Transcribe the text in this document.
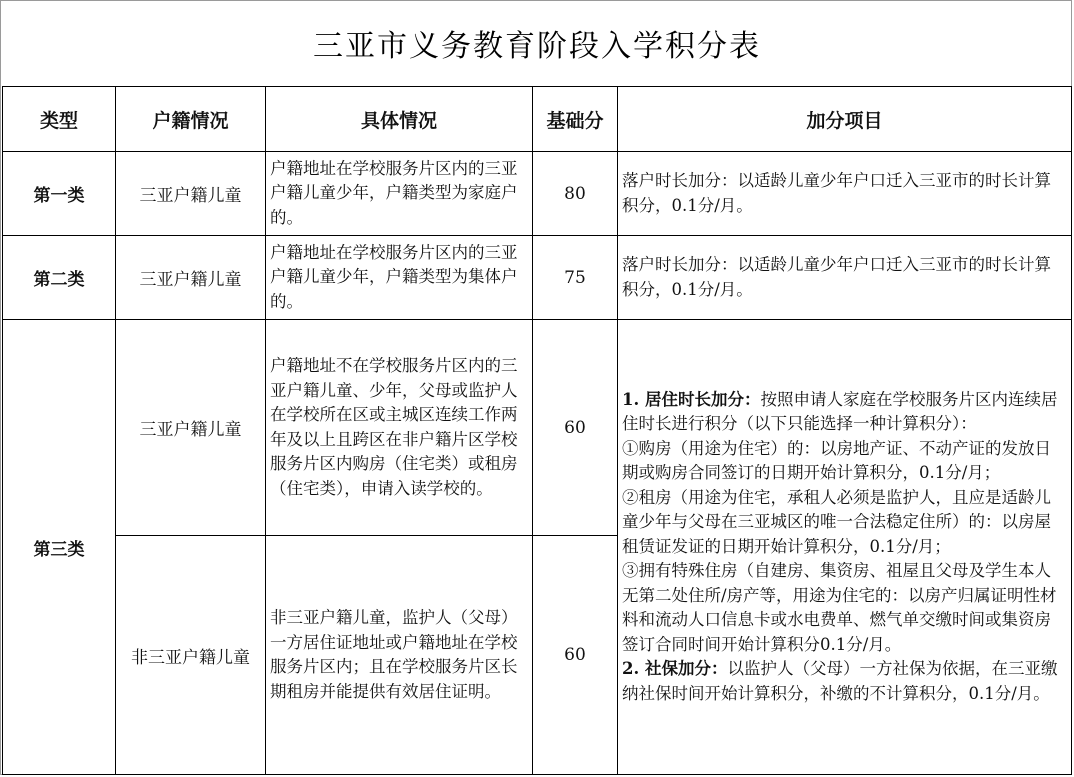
三亚市义务教育阶段入学积分表
类型	户籍情况	具体情况	基础分	加分项目
第一类	三亚户籍儿童	户籍地址在学校服务片区内的三亚户籍儿童少年，户籍类型为家庭户的。	80	落户时长加分：以适龄儿童少年户口迁入三亚市的时长计算积分，0.1分/月。
第二类	三亚户籍儿童	户籍地址在学校服务片区内的三亚户籍儿童少年，户籍类型为集体户的。	75	落户时长加分：以适龄儿童少年户口迁入三亚市的时长计算积分，0.1分/月。
第三类	三亚户籍儿童	户籍地址不在学校服务片区内的三亚户籍儿童、少年，父母或监护人在学校所在区或主城区连续工作两年及以上且跨区在非户籍片区学校服务片区内购房（住宅类）或租房（住宅类），申请入读学校的。	60	1. 居住时长加分：按照申请人家庭在学校服务片区内连续居住时长进行积分（以下只能选择一种计算积分）：
①购房（用途为住宅）的：以房地产证、不动产证的发放日期或购房合同签订的日期开始计算积分，0.1分/月；
②租房（用途为住宅，承租人必须是监护人，且应是适龄儿童少年与父母在三亚城区的唯一合法稳定住所）的：以房屋租赁证发证的日期开始计算积分，0.1分/月；
③拥有特殊住房（自建房、集资房、祖屋且父母及学生本人无第二处住所/房产等，用途为住宅的：以房产归属证明性材料和流动人口信息卡或水电费单、燃气单交缴时间或集资房签订合同时间开始计算积分0.1分/月。
2. 社保加分：以监护人（父母）一方社保为依据，在三亚缴纳社保时间开始计算积分，补缴的不计算积分，0.1分/月。

	非三亚户籍儿童	非三亚户籍儿童，监护人（父母）一方居住证地址或户籍地址在学校服务片区内；且在学校服务片区长期租房并能提供有效居住证明。	60	
